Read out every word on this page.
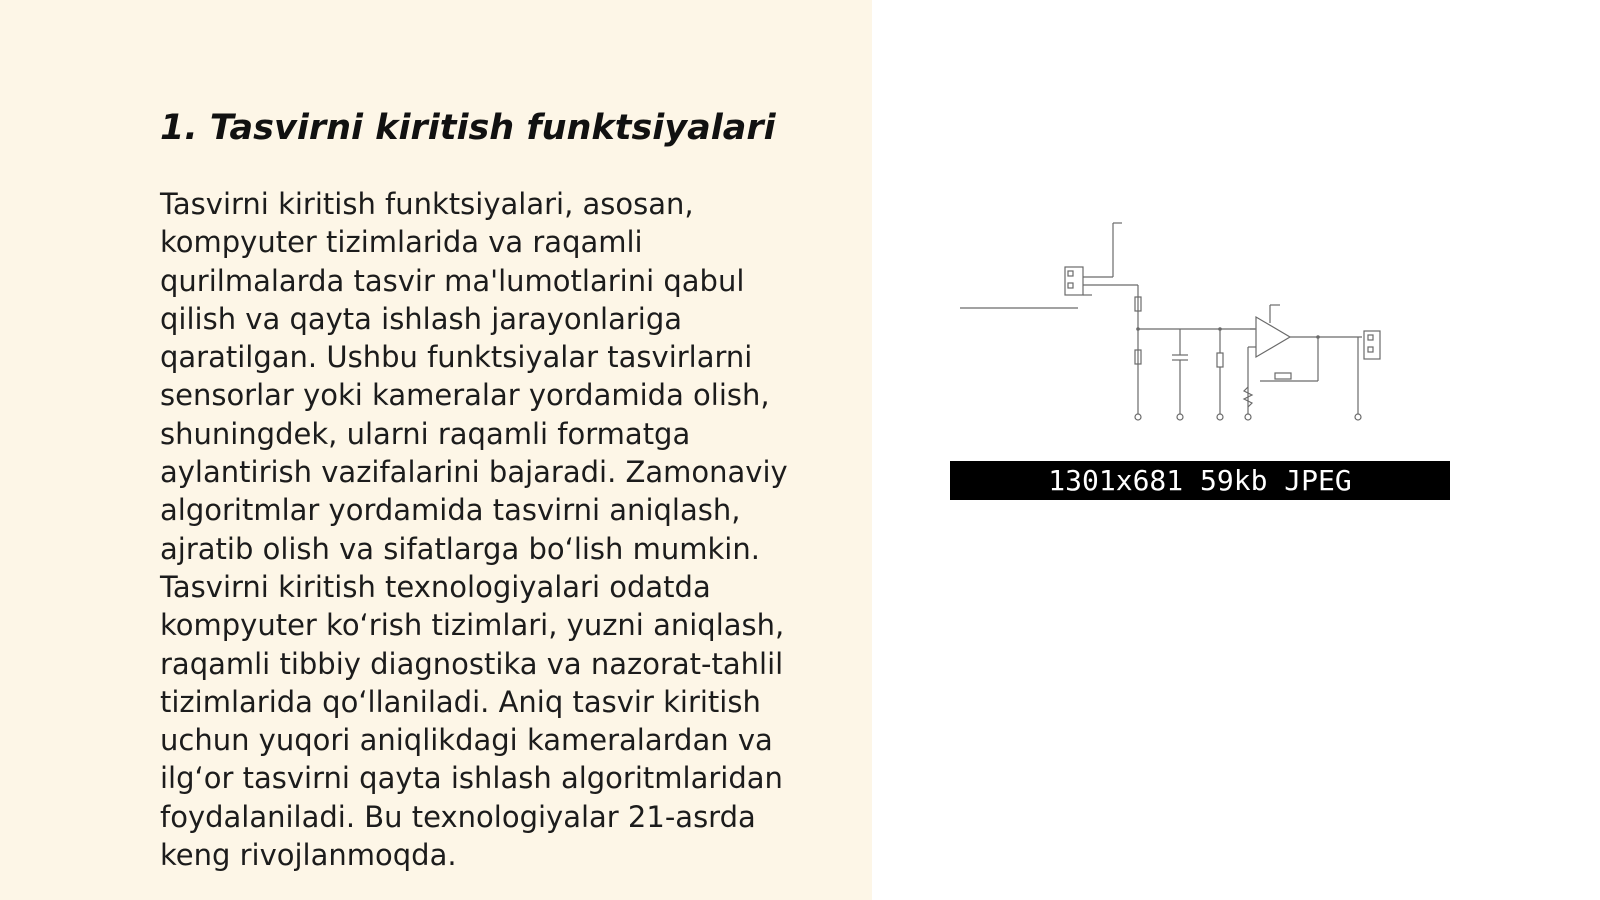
1. Tasvirni kiritish funktsiyalari

Tasvirni kiritish funktsiyalari, asosan,
kompyuter tizimlarida va raqamli
qurilmalarda tasvir ma'lumotlarini qabul
qilish va qayta ishlash jarayonlariga
qaratilgan. Ushbu funktsiyalar tasvirlarni
sensorlar yoki kameralar yordamida olish,
shuningdek, ularni raqamli formatga
aylantirish vazifalarini bajaradi. Zamonaviy
algoritmlar yordamida tasvirni aniqlash,
ajratib olish va sifatlarga bo‘lish mumkin.
Tasvirni kiritish texnologiyalari odatda
kompyuter ko‘rish tizimlari, yuzni aniqlash,
raqamli tibbiy diagnostika va nazorat-tahlil
tizimlarida qo‘llaniladi. Aniq tasvir kiritish
uchun yuqori aniqlikdagi kameralardan va
ilg‘or tasvirni qayta ishlash algoritmlaridan
foydalaniladi. Bu texnologiyalar 21-asrda
keng rivojlanmoqda.

1301x681 59kb JPEG
